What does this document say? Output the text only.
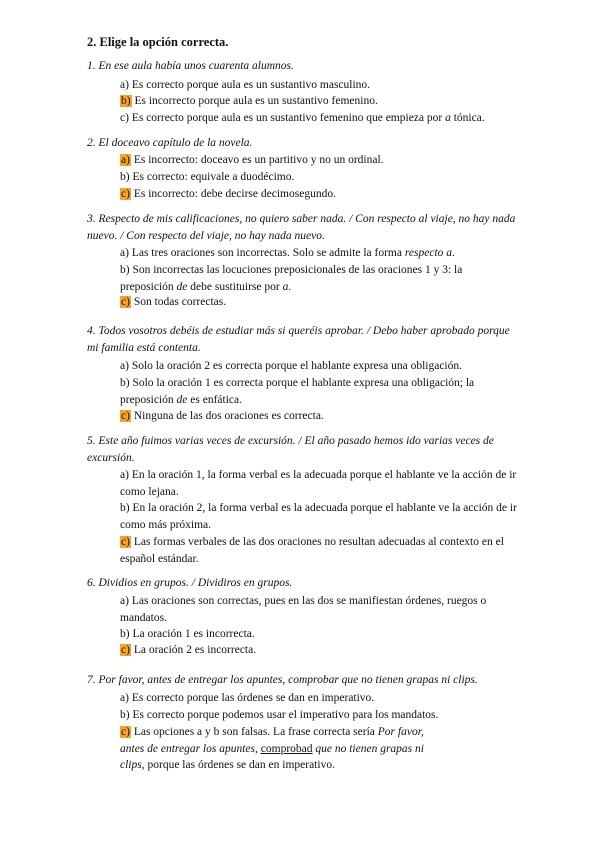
2. Elige la opción correcta.
1. En ese aula había unos cuarenta alumnos.
a) Es correcto porque aula es un sustantivo masculino.
b) Es incorrecto porque aula es un sustantivo femenino.
c) Es correcto porque aula es un sustantivo femenino que empieza por a tónica.
2. El doceavo capítulo de la novela.
a) Es incorrecto: doceavo es un partitivo y no un ordinal.
b) Es correcto: equivale a duodécimo.
c) Es incorrecto: debe decirse decimosegundo.
3. Respecto de mis calificaciones, no quiero saber nada. / Con respecto al viaje, no hay nada nuevo. / Con respecto del viaje, no hay nada nuevo.
a) Las tres oraciones son incorrectas. Solo se admite la forma respecto a.
b) Son incorrectas las locuciones preposicionales de las oraciones 1 y 3: la preposición de debe sustituirse por a.
c) Son todas correctas.
4. Todos vosotros debéis de estudiar más si queréis aprobar. / Debo haber aprobado porque mi familia está contenta.
a) Solo la oración 2 es correcta porque el hablante expresa una obligación.
b) Solo la oración 1 es correcta porque el hablante expresa una obligación; la preposición de es enfática.
c) Ninguna de las dos oraciones es correcta.
5. Este año fuimos varias veces de excursión. / El año pasado hemos ido varias veces de excursión.
a) En la oración 1, la forma verbal es la adecuada porque el hablante ve la acción de ir como lejana.
b) En la oración 2, la forma verbal es la adecuada porque el hablante ve la acción de ir como más próxima.
c) Las formas verbales de las dos oraciones no resultan adecuadas al contexto en el español estándar.
6. Dividios en grupos. / Dividiros en grupos.
a) Las oraciones son correctas, pues en las dos se manifiestan órdenes, ruegos o mandatos.
b) La oración 1 es incorrecta.
c) La oración 2 es incorrecta.
7. Por favor, antes de entregar los apuntes, comprobar que no tienen grapas ni clips.
a) Es correcto porque las órdenes se dan en imperativo.
b) Es correcto porque podemos usar el imperativo para los mandatos.
c) Las opciones a y b son falsas. La frase correcta sería Por favor, antes de entregar los apuntes, comprobad que no tienen grapas ni clips, porque las órdenes se dan en imperativo.
